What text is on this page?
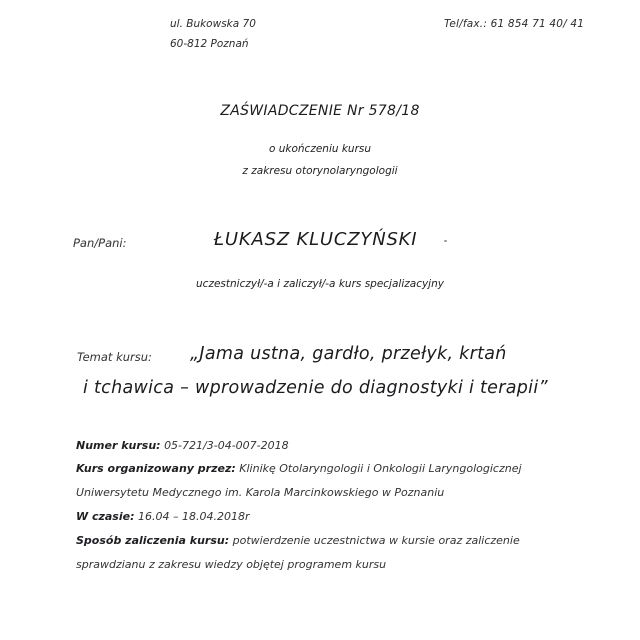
ul. Bukowska 70
60-812 Poznań
Tel/fax.: 61 854 71 40/ 41
ZAŚWIADCZENIE Nr 578/18
o ukończeniu kursu
z zakresu otorynolaryngologii
Pan/Pani:	ŁUKASZ KLUCZYŃSKI
uczestniczył/-a i zaliczył/-a kurs specjalizacyjny
Temat kursu: „Jama ustna, gardło, przełyk, krtań
i tchawica – wprowadzenie do diagnostyki i terapii”
Numer kursu: 05-721/3-04-007-2018
Kurs organizowany przez: Klinikę Otolaryngologii i Onkologii Laryngologicznej
Uniwersytetu Medycznego im. Karola Marcinkowskiego w Poznaniu
W czasie: 16.04 – 18.04.2018r
Sposób zaliczenia kursu: potwierdzenie uczestnictwa w kursie oraz zaliczenie
sprawdzianu z zakresu wiedzy objętej programem kursu
